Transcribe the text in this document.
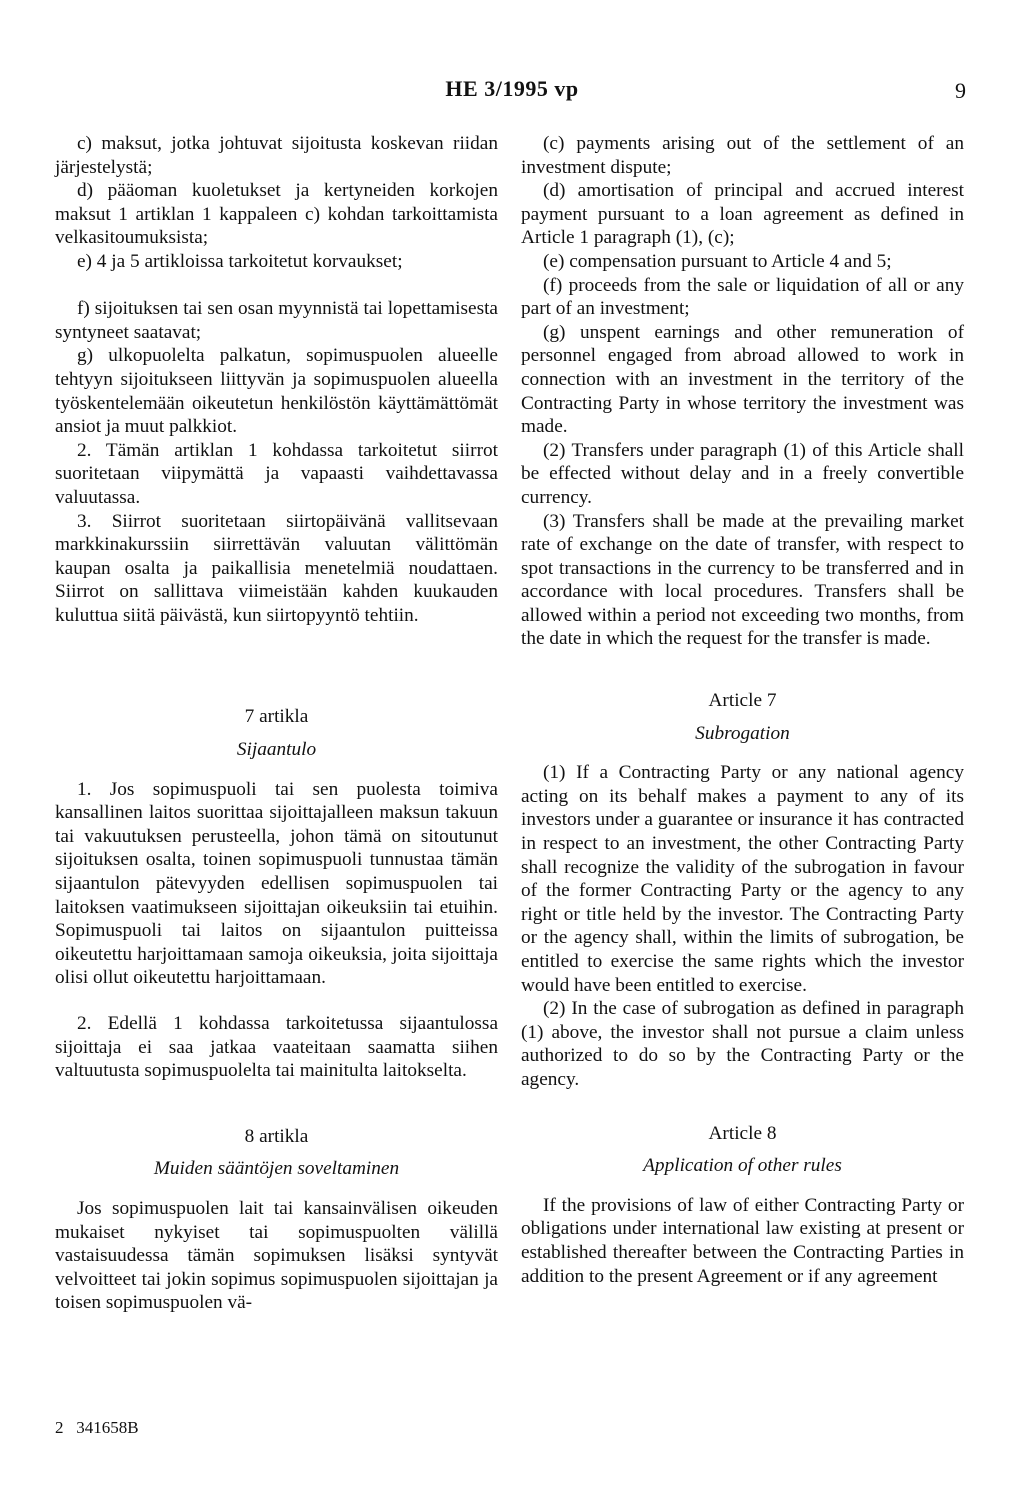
HE 3/1995 vp	9

c) maksut, jotka johtuvat sijoitusta koskevan riidan järjestelystä;

d) pääoman kuoletukset ja kertyneiden korkojen maksut 1 artiklan 1 kappaleen c) kohdan tarkoittamista velkasitoumuksista;

e) 4 ja 5 artikloissa tarkoitetut korvaukset;

f) sijoituksen tai sen osan myynnistä tai lopettamisesta syntyneet saatavat;

g) ulkopuolelta palkatun, sopimuspuolen alueelle tehtyyn sijoitukseen liittyvän ja sopimuspuolen alueella työskentelemään oikeutetun henkilöstön käyttämättömät ansiot ja muut palkkiot.

2. Tämän artiklan 1 kohdassa tarkoitetut siirrot suoritetaan viipymättä ja vapaasti vaihdettavassa valuutassa.

3. Siirrot suoritetaan siirtopäivänä vallitsevaan markkinakurssiin siirrettävän valuutan välittömän kaupan osalta ja paikallisia menetelmiä noudattaen. Siirrot on sallittava viimeistään kahden kuukauden kuluttua siitä päivästä, kun siirtopyyntö tehtiin.

7 artikla

Sijaantulo

1. Jos sopimuspuoli tai sen puolesta toimiva kansallinen laitos suorittaa sijoittajalleen maksun takuun tai vakuutuksen perusteella, johon tämä on sitoutunut sijoituksen osalta, toinen sopimuspuoli tunnustaa tämän sijaantulon pätevyyden edellisen sopimuspuolen tai laitoksen vaatimukseen sijoittajan oikeuksiin tai etuihin. Sopimuspuoli tai laitos on sijaantulon puitteissa oikeutettu harjoittamaan samoja oikeuksia, joita sijoittaja olisi ollut oikeutettu harjoittamaan.

2. Edellä 1 kohdassa tarkoitetussa sijaantulossa sijoittaja ei saa jatkaa vaateitaan saamatta siihen valtuutusta sopimuspuolelta tai mainitulta laitokselta.

8 artikla

Muiden sääntöjen soveltaminen

Jos sopimuspuolen lait tai kansainvälisen oikeuden mukaiset nykyiset tai sopimuspuolten välillä vastaisuudessa tämän sopimuksen lisäksi syntyvät velvoitteet tai jokin sopimus sopimuspuolen sijoittajan ja toisen sopimuspuolen vä-

(c) payments arising out of the settlement of an investment dispute;

(d) amortisation of principal and accrued interest payment pursuant to a loan agreement as defined in Article 1 paragraph (1), (c);

(e) compensation pursuant to Article 4 and 5;

(f) proceeds from the sale or liquidation of all or any part of an investment;

(g) unspent earnings and other remuneration of personnel engaged from abroad allowed to work in connection with an investment in the territory of the Contracting Party in whose territory the investment was made.

(2) Transfers under paragraph (1) of this Article shall be effected without delay and in a freely convertible currency.

(3) Transfers shall be made at the prevailing market rate of exchange on the date of transfer, with respect to spot transactions in the currency to be transferred and in accordance with local procedures. Transfers shall be allowed within a period not exceeding two months, from the date in which the request for the transfer is made.

Article 7

Subrogation

(1) If a Contracting Party or any national agency acting on its behalf makes a payment to any of its investors under a guarantee or insurance it has contracted in respect to an investment, the other Contracting Party shall recognize the validity of the subrogation in favour of the former Contracting Party or the agency to any right or title held by the investor. The Contracting Party or the agency shall, within the limits of subrogation, be entitled to exercise the same rights which the investor would have been entitled to exercise.

(2) In the case of subrogation as defined in paragraph (1) above, the investor shall not pursue a claim unless authorized to do so by the Contracting Party or the agency.

Article 8

Application of other rules

If the provisions of law of either Contracting Party or obligations under international law existing at present or established thereafter between the Contracting Parties in addition to the present Agreement or if any agreement

2   341658B
